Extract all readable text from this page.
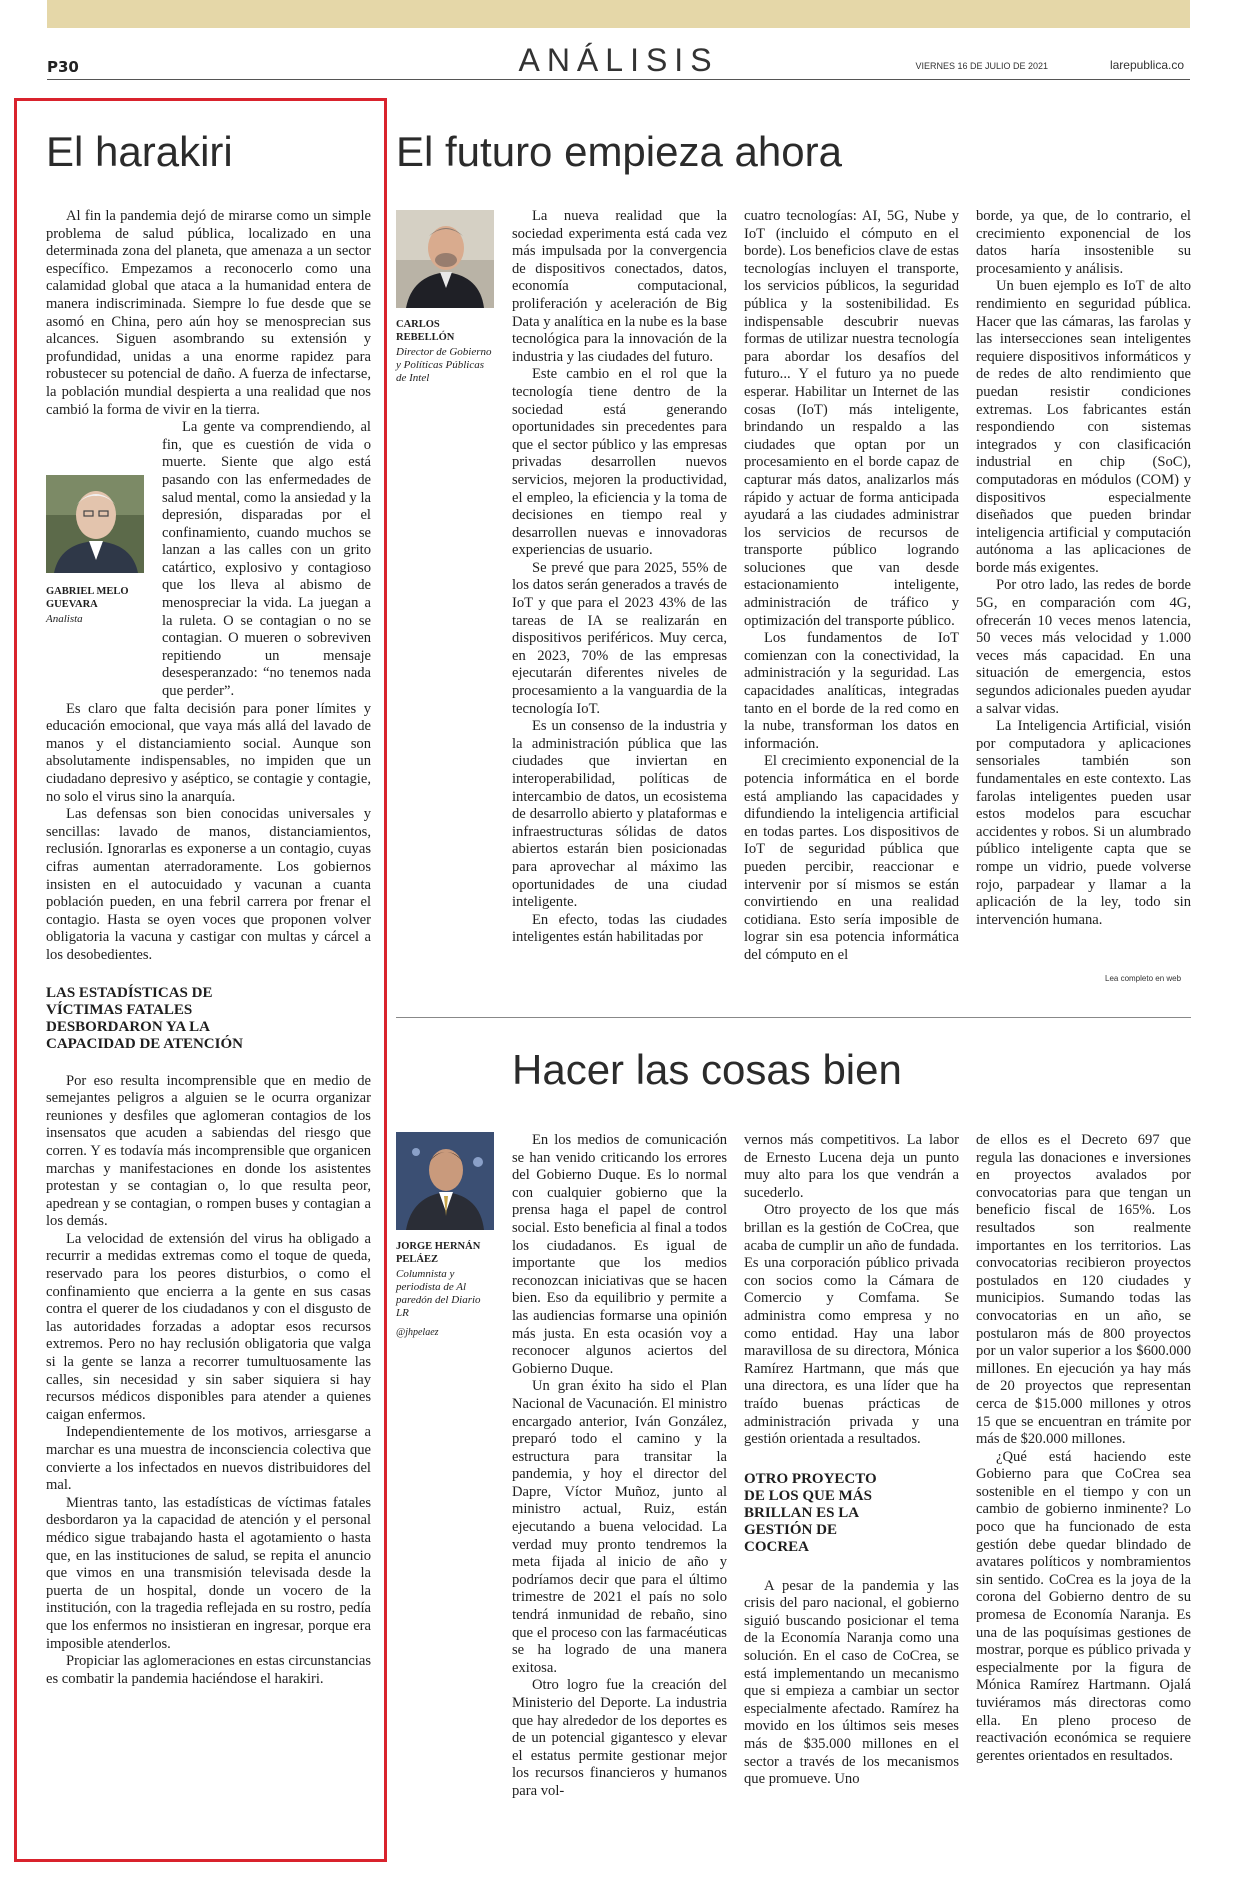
P30	ANÁLISIS	VIERNES 16 DE JULIO DE 2021	larepublica.co
El harakiri

Al fin la pandemia dejó de mirarse como un simple problema de salud pública, localizado en una determinada zona del planeta, que amenaza a un sector específico. Empezamos a reconocerlo como una calamidad global que ataca a la humanidad entera de manera indiscriminada. Siempre lo fue desde que se asomó en China, pero aún hoy se menosprecian sus alcances. Siguen asombrando su extensión y profundidad, unidas a una enorme rapidez para robustecer su potencial de daño. A fuerza de infectarse, la población mundial despierta a una realidad que nos cambió la forma de vivir en la tierra.

La gente va comprendiendo, al fin, que es cuestión de vida o muerte. Siente que algo está pasando con las enfermedades de salud mental, como la ansiedad y la depresión, disparadas por el confinamiento, cuando muchos se lanzan a las calles con un grito catártico, explosivo y contagioso que los lleva al abismo de menospreciar la vida. La juegan a la ruleta. O se contagian o no se contagian. O mueren o sobreviven repitiendo un mensaje desesperanzado: “no tenemos nada que perder”.

Es claro que falta decisión para poner límites y educación emocional, que vaya más allá del lavado de manos y el distanciamiento social. Aunque son absolutamente indispensables, no impiden que un ciudadano depresivo y aséptico, se contagie y contagie, no solo el virus sino la anarquía.

Las defensas son bien conocidas universales y sencillas: lavado de manos, distanciamientos, reclusión. Ignorarlas es exponerse a un contagio, cuyas cifras aumentan aterradoramente. Los gobiernos insisten en el autocuidado y vacunan a cuanta población pueden, en una febril carrera por frenar el contagio. Hasta se oyen voces que proponen volver obligatoria la vacuna y castigar con multas y cárcel a los desobedientes.

LAS ESTADÍSTICAS DE VÍCTIMAS FATALES DESBORDARON YA LA CAPACIDAD DE ATENCIÓN

Por eso resulta incomprensible que en medio de semejantes peligros a alguien se le ocurra organizar reuniones y desfiles que aglomeran contagios de los insensatos que acuden a sabiendas del riesgo que corren. Y es todavía más incomprensible que organicen marchas y manifestaciones en donde los asistentes protestan y se contagian o, lo que resulta peor, apedrean y se contagian, o rompen buses y contagian a los demás.

La velocidad de extensión del virus ha obligado a recurrir a medidas extremas como el toque de queda, reservado para los peores disturbios, o como el confinamiento que encierra a la gente en sus casas contra el querer de los ciudadanos y con el disgusto de las autoridades forzadas a adoptar esos recursos extremos. Pero no hay reclusión obligatoria que valga si la gente se lanza a recorrer tumultuosamente las calles, sin necesidad y sin saber siquiera si hay recursos médicos disponibles para atender a quienes caigan enfermos.

Independientemente de los motivos, arriesgarse a marchar es una muestra de inconsciencia colectiva que convierte a los infectados en nuevos distribuidores del mal.

Mientras tanto, las estadísticas de víctimas fatales desbordaron ya la capacidad de atención y el personal médico sigue trabajando hasta el agotamiento o hasta que, en las instituciones de salud, se repita el anuncio que vimos en una transmisión televisada desde la puerta de un hospital, donde un vocero de la institución, con la tragedia reflejada en su rostro, pedía que los enfermos no insistieran en ingresar, porque era imposible atenderlos.

Propiciar las aglomeraciones en estas circunstancias es combatir la pandemia haciéndose el harakiri.

GABRIEL MELO GUEVARA
Analista
El futuro empieza ahora
CARLOS REBELLÓN
Director de Gobierno y Políticas Públicas de Intel

La nueva realidad que la sociedad experimenta está cada vez más impulsada por la convergencia de dispositivos conectados, datos, economía computacional, proliferación y aceleración de Big Data y analítica en la nube es la base tecnológica para la innovación de la industria y las ciudades del futuro.

Este cambio en el rol que la tecnología tiene dentro de la sociedad está generando oportunidades sin precedentes para que el sector público y las empresas privadas desarrollen nuevos servicios, mejoren la productividad, el empleo, la eficiencia y la toma de decisiones en tiempo real y desarrollen nuevas e innovadoras experiencias de usuario.

Se prevé que para 2025, 55% de los datos serán generados a través de IoT y que para el 2023 43% de las tareas de IA se realizarán en dispositivos periféricos. Muy cerca, en 2023, 70% de las empresas ejecutarán diferentes niveles de procesamiento a la vanguardia de la tecnología IoT.

Es un consenso de la industria y la administración pública que las ciudades que inviertan en interoperabilidad, políticas de intercambio de datos, un ecosistema de desarrollo abierto y plataformas e infraestructuras sólidas de datos abiertos estarán bien posicionadas para aprovechar al máximo las oportunidades de una ciudad inteligente.

En efecto, todas las ciudades inteligentes están habilitadas por

cuatro tecnologías: AI, 5G, Nube y IoT (incluido el cómputo en el borde). Los beneficios clave de estas tecnologías incluyen el transporte, los servicios públicos, la seguridad pública y la sostenibilidad. Es indispensable descubrir nuevas formas de utilizar nuestra tecnología para abordar los desafíos del futuro... Y el futuro ya no puede esperar. Habilitar un Internet de las cosas (IoT) más inteligente, brindando un respaldo a las ciudades que optan por un procesamiento en el borde capaz de capturar más datos, analizarlos más rápido y actuar de forma anticipada ayudará a las ciudades administrar los servicios de recursos de transporte público logrando soluciones que van desde estacionamiento inteligente, administración de tráfico y optimización del transporte público.

Los fundamentos de IoT comienzan con la conectividad, la administración y la seguridad. Las capacidades analíticas, integradas tanto en el borde de la red como en la nube, transforman los datos en información.

El crecimiento exponencial de la potencia informática en el borde está ampliando las capacidades y difundiendo la inteligencia artificial en todas partes. Los dispositivos de IoT de seguridad pública que pueden percibir, reaccionar e intervenir por sí mismos se están convirtiendo en una realidad cotidiana. Esto sería imposible de lograr sin esa potencia informática del cómputo en el

borde, ya que, de lo contrario, el crecimiento exponencial de los datos haría insostenible su procesamiento y análisis.

Un buen ejemplo es IoT de alto rendimiento en seguridad pública. Hacer que las cámaras, las farolas y las intersecciones sean inteligentes requiere dispositivos informáticos y de redes de alto rendimiento que puedan resistir condiciones extremas. Los fabricantes están respondiendo con sistemas integrados y con clasificación industrial en chip (SoC), computadoras en módulos (COM) y dispositivos especialmente diseñados que pueden brindar inteligencia artificial y computación autónoma a las aplicaciones de borde más exigentes.

Por otro lado, las redes de borde 5G, en comparación com 4G, ofrecerán 10 veces menos latencia, 50 veces más velocidad y 1.000 veces más capacidad. En una situación de emergencia, estos segundos adicionales pueden ayudar a salvar vidas.

La Inteligencia Artificial, visión por computadora y aplicaciones sensoriales también son fundamentales en este contexto. Las farolas inteligentes pueden usar estos modelos para escuchar accidentes y robos. Si un alumbrado público inteligente capta que se rompe un vidrio, puede volverse rojo, parpadear y llamar a la aplicación de la ley, todo sin intervención humana.

Lea completo en web
Hacer las cosas bien
JORGE HERNÁN PELÁEZ
Columnista y periodista de Al paredón del Diario LR
@jhpelaez

En los medios de comunicación se han venido criticando los errores del Gobierno Duque. Es lo normal con cualquier gobierno que la prensa haga el papel de control social. Esto beneficia al final a todos los ciudadanos. Es igual de importante que los medios reconozcan iniciativas que se hacen bien. Eso da equilibrio y permite a las audiencias formarse una opinión más justa. En esta ocasión voy a reconocer algunos aciertos del Gobierno Duque.

Un gran éxito ha sido el Plan Nacional de Vacunación. El ministro encargado anterior, Iván González, preparó todo el camino y la estructura para transitar la pandemia, y hoy el director del Dapre, Víctor Muñoz, junto al ministro actual, Ruiz, están ejecutando a buena velocidad. La verdad muy pronto tendremos la meta fijada al inicio de año y podríamos decir que para el último trimestre de 2021 el país no solo tendrá inmunidad de rebaño, sino que el proceso con las farmacéuticas se ha logrado de una manera exitosa.

Otro logro fue la creación del Ministerio del Deporte. La industria que hay alrededor de los deportes es de un potencial gigantesco y elevar el estatus permite gestionar mejor los recursos financieros y humanos para vol-

vernos más competitivos. La labor de Ernesto Lucena deja un punto muy alto para los que vendrán a sucederlo.

Otro proyecto de los que más brillan es la gestión de CoCrea, que acaba de cumplir un año de fundada. Es una corporación público privada con socios como la Cámara de Comercio y Comfama. Se administra como empresa y no como entidad. Hay una labor maravillosa de su directora, Mónica Ramírez Hartmann, que más que una directora, es una líder que ha traído buenas prácticas de administración privada y una gestión orientada a resultados.

OTRO PROYECTO DE LOS QUE MÁS BRILLAN ES LA GESTIÓN DE COCREA

A pesar de la pandemia y las crisis del paro nacional, el gobierno siguió buscando posicionar el tema de la Economía Naranja como una solución. En el caso de CoCrea, se está implementando un mecanismo que si empieza a cambiar un sector especialmente afectado. Ramírez ha movido en los últimos seis meses más de $35.000 millones en el sector a través de los mecanismos que promueve. Uno

de ellos es el Decreto 697 que regula las donaciones e inversiones en proyectos avalados por convocatorias para que tengan un beneficio fiscal de 165%. Los resultados son realmente importantes en los territorios. Las convocatorias recibieron proyectos postulados en 120 ciudades y municipios. Sumando todas las convocatorias en un año, se postularon más de 800 proyectos por un valor superior a los $600.000 millones. En ejecución ya hay más de 20 proyectos que representan cerca de $15.000 millones y otros 15 que se encuentran en trámite por más de $20.000 millones.

¿Qué está haciendo este Gobierno para que CoCrea sea sostenible en el tiempo y con un cambio de gobierno inminente? Lo poco que ha funcionado de esta gestión debe quedar blindado de avatares políticos y nombramientos sin sentido. CoCrea es la joya de la corona del Gobierno dentro de su promesa de Economía Naranja. Es una de las poquísimas gestiones de mostrar, porque es público privada y especialmente por la figura de Mónica Ramírez Hartmann. Ojalá tuviéramos más directoras como ella. En pleno proceso de reactivación económica se requiere gerentes orientados en resultados.
